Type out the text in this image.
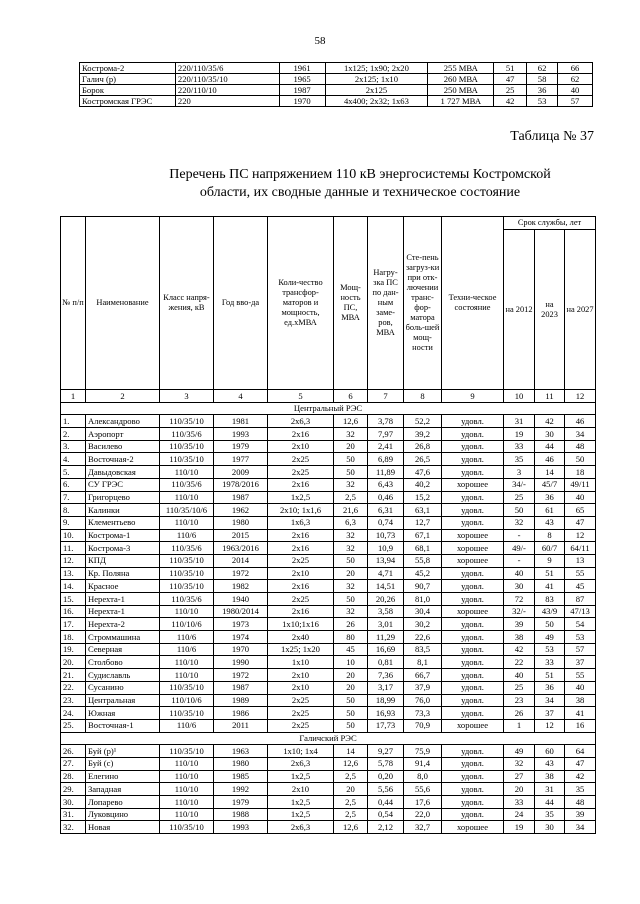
58
Кострома-2	220/110/35/6	1961	1х125; 1х90; 2х20	255 МВА	51	62	66
Галич (р)	220/110/35/10	1965	2х125; 1х10	260 МВА	47	58	62
Борок	220/110/10	1987	2х125	250 МВА	25	36	40
Костромская ГРЭС	220	1970	4х400; 2х32; 1х63	1 727 МВА	42	53	57
Таблица № 37
Перечень ПС напряжением 110 кВ энергосистемы Костромской
области, их сводные данные и техническое состояние
№ п/п	Наименование	Класс напря-жения, кВ	Год вво-да	Коли-чество трансфор-маторов и мощность, ед.хМВА	Мощ-ность ПС, МВА	Нагру-зка ПС по дан-ным заме-ров, МВА	Сте-пень загруз-ки при отк-лючении транс-фор-матора боль-шей мощ-ности	Техни-ческое состояние	Срок службы, лет		
									на 2012	на 2023	на 2027
1	2	3	4	5	6	7	8	9	10	11	12
Центральный РЭС											
1.	Александрово	110/35/10	1981	2х6,3	12,6	3,78	52,2	удовл.	31	42	46
2.	Аэропорт	110/35/6	1993	2х16	32	7,97	39,2	удовл.	19	30	34
3.	Василево	110/35/10	1979	2х10	20	2,41	26,8	удовл.	33	44	48
4.	Восточная-2	110/35/10	1977	2х25	50	6,89	26,5	удовл.	35	46	50
5.	Давыдовская	110/10	2009	2х25	50	11,89	47,6	удовл.	3	14	18
6.	СУ ГРЭС	110/35/6	1978/2016	2х16	32	6,43	40,2	хорошее	34/-	45/7	49/11
7.	Григорцево	110/10	1987	1х2,5	2,5	0,46	15,2	удовл.	25	36	40
8.	Калинки	110/35/10/6	1962	2х10; 1х1,6	21,6	6,31	63,1	удовл.	50	61	65
9.	Клементьево	110/10	1980	1х6,3	6,3	0,74	12,7	удовл.	32	43	47
10.	Кострома-1	110/6	2015	2х16	32	10,73	67,1	хорошее	-	8	12
11.	Кострома-3	110/35/6	1963/2016	2х16	32	10,9	68,1	хорошее	49/-	60/7	64/11
12.	КПД	110/35/10	2014	2х25	50	13,94	55,8	хорошее	-	9	13
13.	Кр. Поляна	110/35/10	1972	2х10	20	4,71	45,2	удовл.	40	51	55
14.	Красное	110/35/10	1982	2х16	32	14,51	90,7	удовл.	30	41	45
15.	Нерехта-1	110/35/6	1940	2х25	50	20,26	81,0	удовл.	72	83	87
16.	Нерехта-1	110/10	1980/2014	2х16	32	3,58	30,4	хорошее	32/-	43/9	47/13
17.	Нерехта-2	110/10/6	1973	1х10;1х16	26	3,01	30,2	удовл.	39	50	54
18.	Строммашина	110/6	1974	2х40	80	11,29	22,6	удовл.	38	49	53
19.	Северная	110/6	1970	1х25; 1х20	45	16,69	83,5	удовл.	42	53	57
20.	Столбово	110/10	1990	1х10	10	0,81	8,1	удовл.	22	33	37
21.	Судиславль	110/10	1972	2х10	20	7,36	66,7	удовл.	40	51	55
22.	Сусанино	110/35/10	1987	2х10	20	3,17	37,9	удовл.	25	36	40
23.	Центральная	110/10/6	1989	2х25	50	18,99	76,0	удовл.	23	34	38
24.	Южная	110/35/10	1986	2х25	50	16,93	73,3	удовл.	26	37	41
25.	Восточная-1	110/6	2011	2х25	50	17,73	70,9	хорошее	1	12	16
Галичский РЭС											
26.	Буй (р)¹	110/35/10	1963	1х10; 1х4	14	9,27	75,9	удовл.	49	60	64
27.	Буй (с)	110/10	1980	2х6,3	12,6	5,78	91,4	удовл.	32	43	47
28.	Елегино	110/10	1985	1х2,5	2,5	0,20	8,0	удовл.	27	38	42
29.	Западная	110/10	1992	2х10	20	5,56	55,6	удовл.	20	31	35
30.	Лопарево	110/10	1979	1х2,5	2,5	0,44	17,6	удовл.	33	44	48
31.	Луковцино	110/10	1988	1х2,5	2,5	0,54	22,0	удовл.	24	35	39
32.	Новая	110/35/10	1993	2х6,3	12,6	2,12	32,7	хорошее	19	30	34
